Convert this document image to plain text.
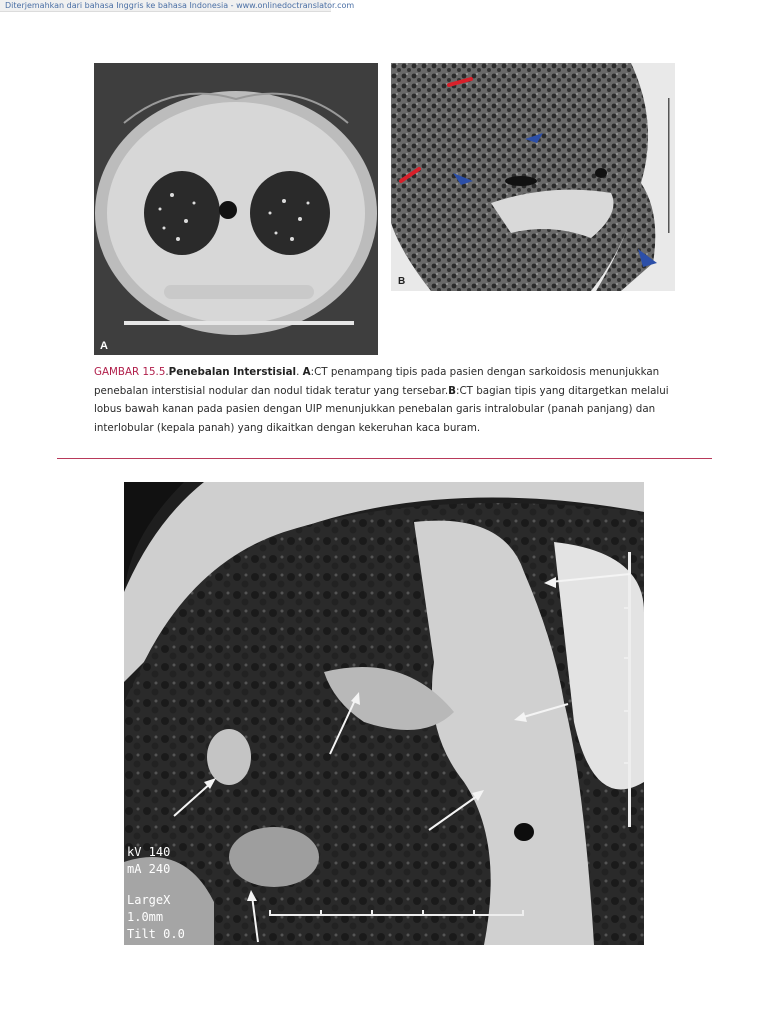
Diterjemahkan dari bahasa Inggris ke bahasa Indonesia - www.onlinedoctranslator.com
A
B
GAMBAR 15.5.Penebalan Interstisial. A:CT penampang tipis pada pasien dengan sarkoidosis menunjukkan penebalan interstisial nodular dan nodul tidak teratur yang tersebar.B:CT bagian tipis yang ditargetkan melalui lobus bawah kanan pada pasien dengan UIP menunjukkan penebalan garis intralobular (panah panjang) dan interlobular (kepala panah) yang dikaitkan dengan kekeruhan kaca buram.
kV 140
mA 240
LargeX
1.0mm
Tilt 0.0
